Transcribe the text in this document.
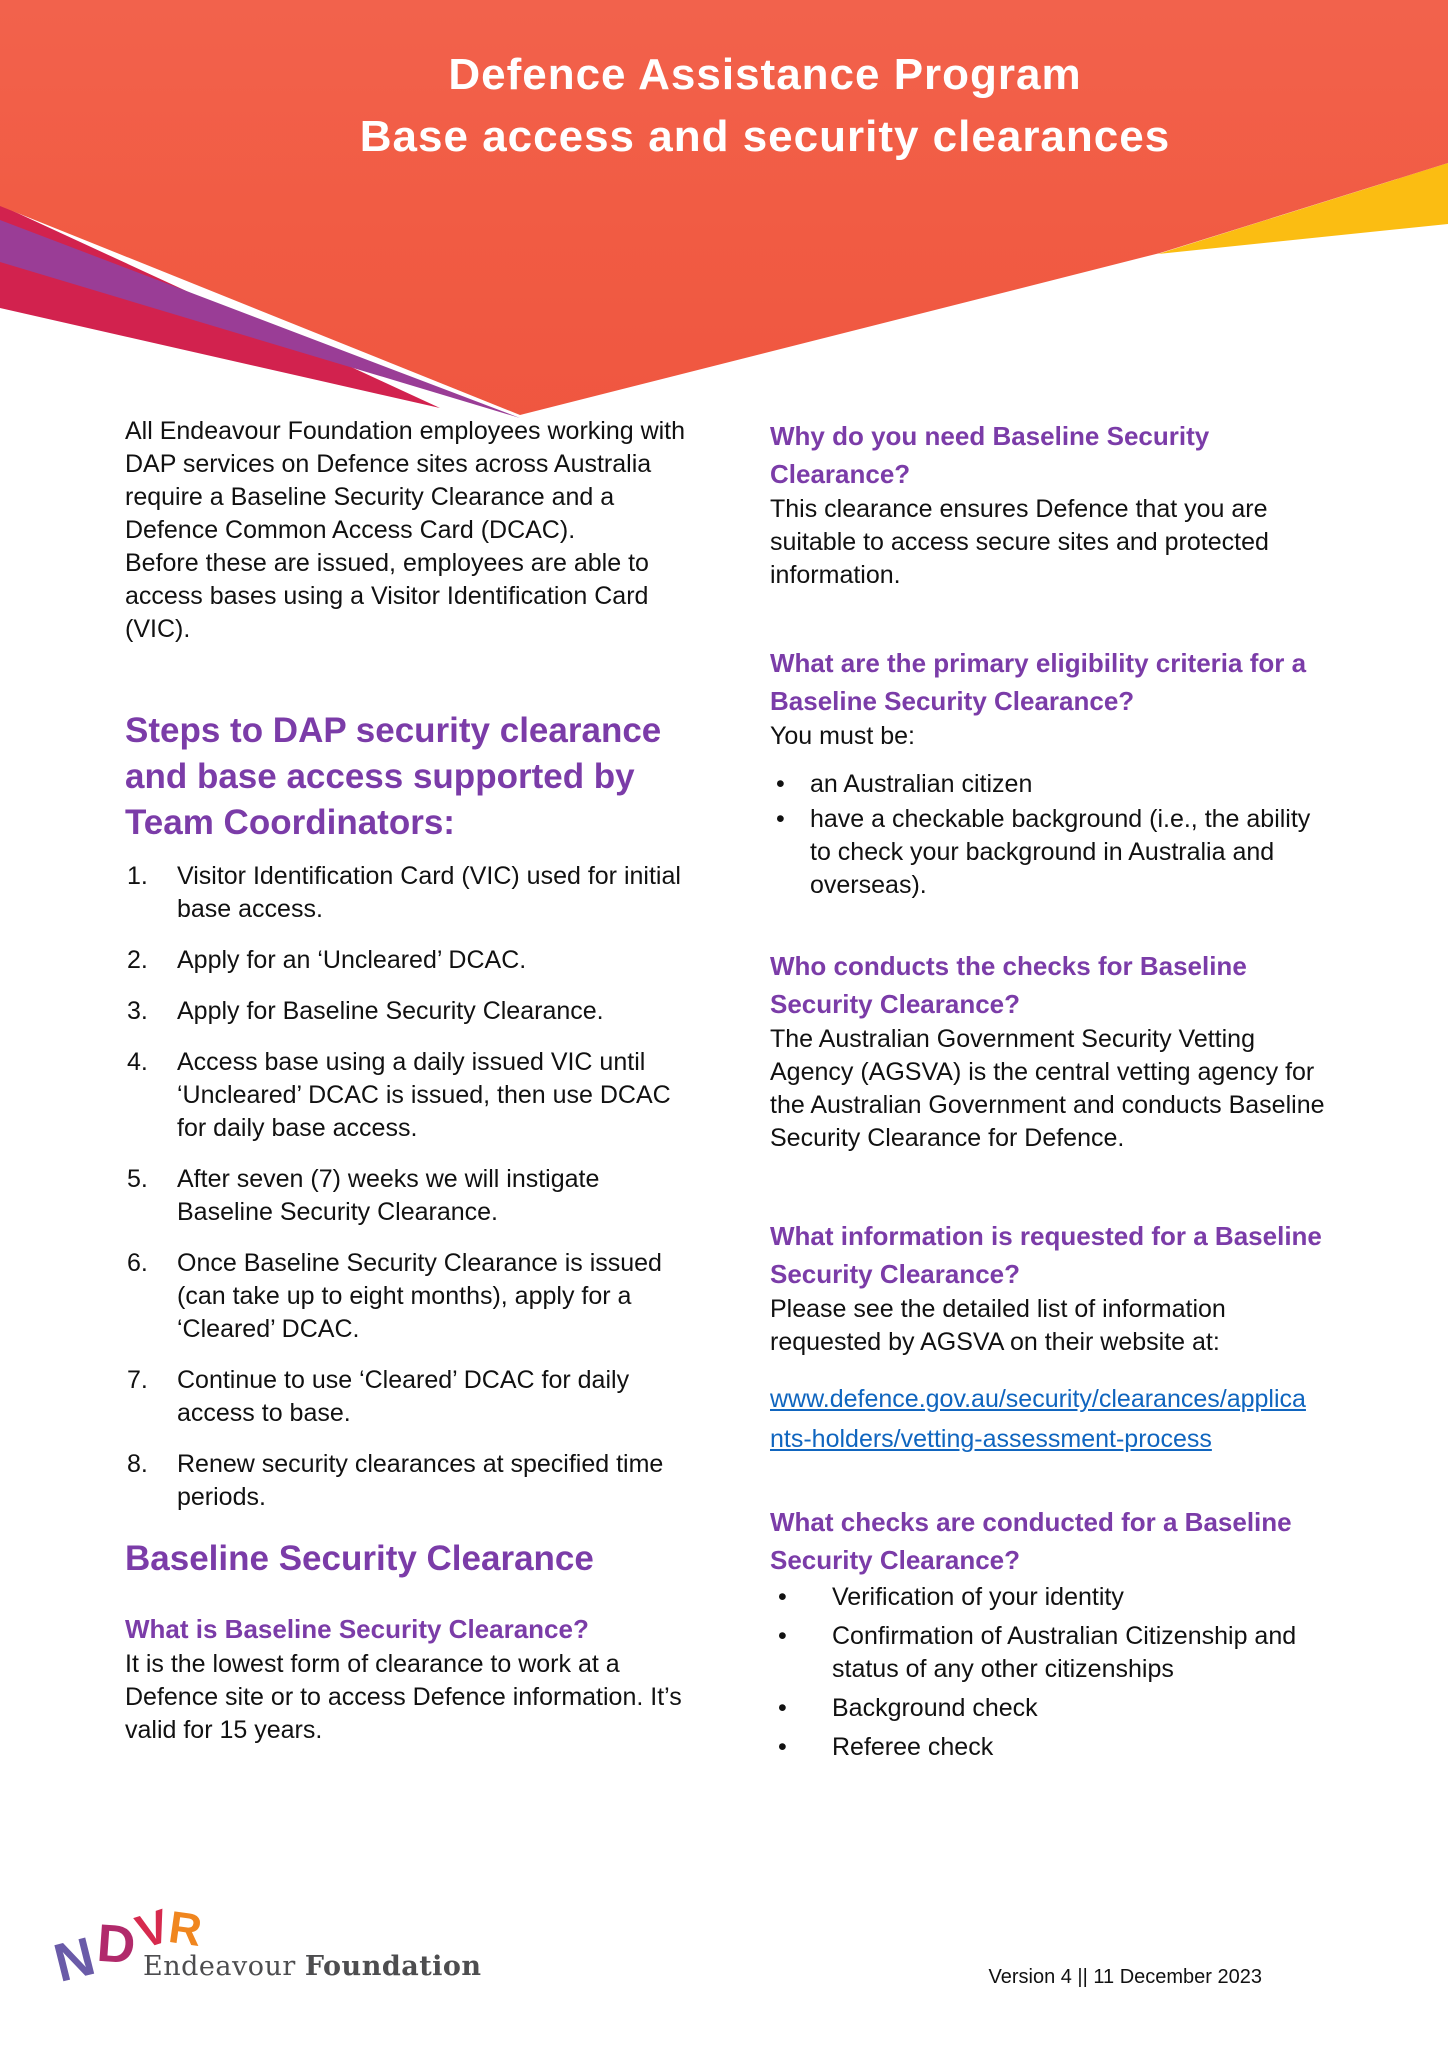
Defence Assistance Program
Base access and security clearances

All Endeavour Foundation employees working with DAP services on Defence sites across Australia require a Baseline Security Clearance and a Defence Common Access Card (DCAC).

Before these are issued, employees are able to access bases using a Visitor Identification Card (VIC).

Steps to DAP security clearance and base access supported by Team Coordinators:
Visitor Identification Card (VIC) used for initial base access.
Apply for an ‘Uncleared’ DCAC.
Apply for Baseline Security Clearance.
Access base using a daily issued VIC until ‘Uncleared’ DCAC is issued, then use DCAC for daily base access.
After seven (7) weeks we will instigate Baseline Security Clearance.
Once Baseline Security Clearance is issued (can take up to eight months), apply for a ‘Cleared’ DCAC.
Continue to use ‘Cleared’ DCAC for daily access to base.
Renew security clearances at specified time periods.
Baseline Security Clearance
What is Baseline Security Clearance?

It is the lowest form of clearance to work at a Defence site or to access Defence information. It’s valid for 15 years.

Why do you need Baseline Security Clearance?

This clearance ensures Defence that you are suitable to access secure sites and protected information.

What are the primary eligibility criteria for a Baseline Security Clearance?

You must be:

• an Australian citizen
• have a checkable background (i.e., the ability to check your background in Australia and overseas).
Who conducts the checks for Baseline Security Clearance?

The Australian Government Security Vetting Agency (AGSVA) is the central vetting agency for the Australian Government and conducts Baseline Security Clearance for Defence.

What information is requested for a Baseline Security Clearance?

Please see the detailed list of information requested by AGSVA on their website at:

www.defence.gov.au/security/clearances/applicants-holders/vetting-assessment-process
What checks are conducted for a Baseline Security Clearance?
• Verification of your identity
• Confirmation of Australian Citizenship and status of any other citizenships
• Background check
• Referee check
N
D
V
R
Endeavour Foundation	Version 4 || 11 December 2023
